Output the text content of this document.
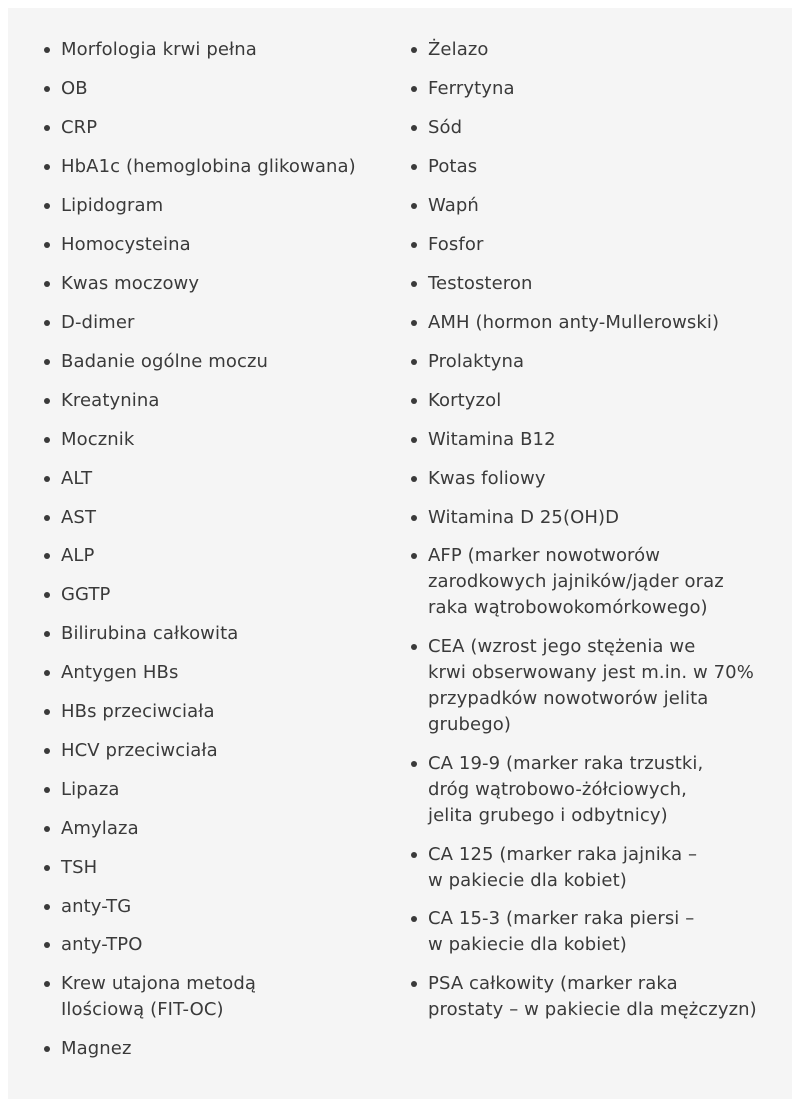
Morfologia krwi pełna
OB
CRP
HbA1c (hemoglobina glikowana)
Lipidogram
Homocysteina
Kwas moczowy
D-dimer
Badanie ogólne moczu
Kreatynina
Mocznik
ALT
AST
ALP
GGTP
Bilirubina całkowita
Antygen HBs
HBs przeciwciała
HCV przeciwciała
Lipaza
Amylaza
TSH
anty-TG
anty-TPO
Krew utajona metodą
Ilościową (FIT-OC)
Magnez
Żelazo
Ferrytyna
Sód
Potas
Wapń
Fosfor
Testosteron
AMH (hormon anty-Mullerowski)
Prolaktyna
Kortyzol
Witamina B12
Kwas foliowy
Witamina D 25(OH)D
AFP (marker nowotworów
zarodkowych jajników/jąder oraz
raka wątrobowokomórkowego)
CEA (wzrost jego stężenia we
krwi obserwowany jest m.in. w 70%
przypadków nowotworów jelita
grubego)
CA 19-9 (marker raka trzustki,
dróg wątrobowo-żółciowych,
jelita grubego i odbytnicy)
CA 125 (marker raka jajnika –
w pakiecie dla kobiet)
CA 15-3 (marker raka piersi –
w pakiecie dla kobiet)
PSA całkowity (marker raka
prostaty – w pakiecie dla mężczyzn)
